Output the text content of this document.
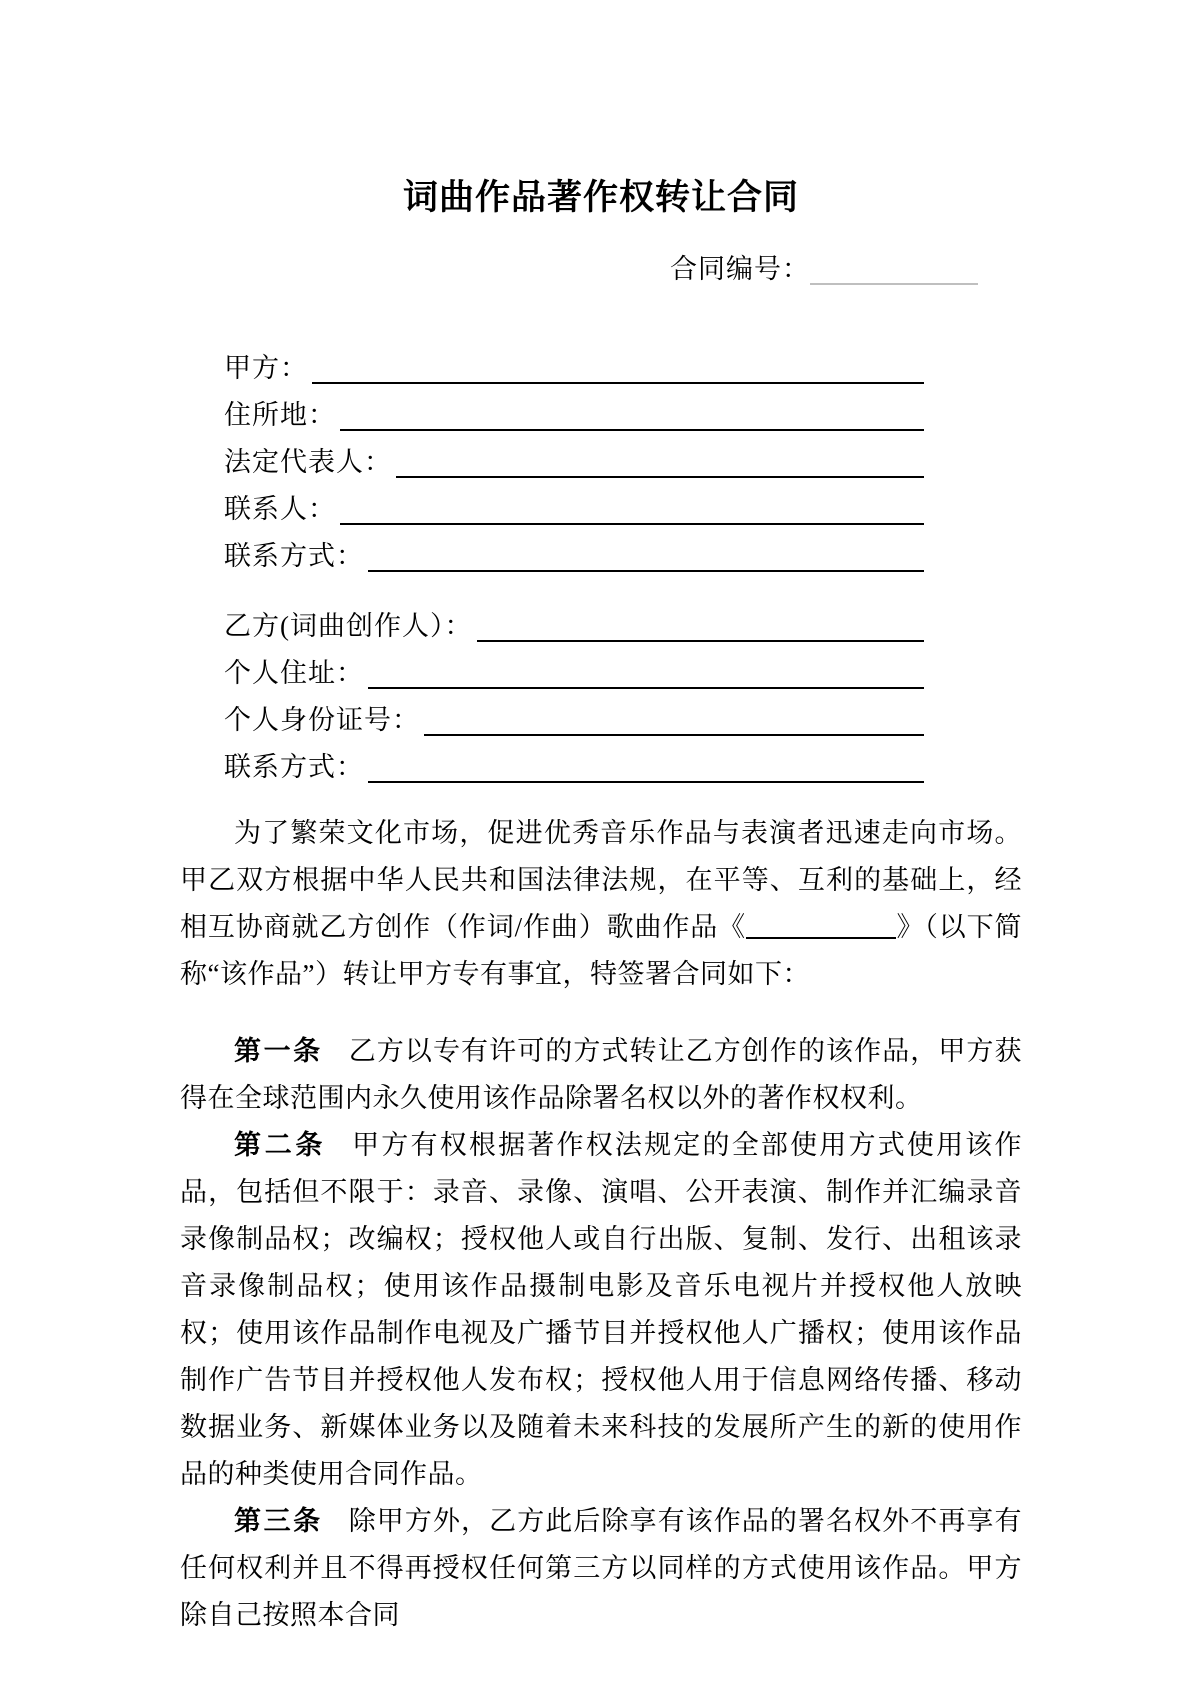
词曲作品著作权转让合同
合同编号：
甲方：
住所地：
法定代表人：
联系人：
联系方式：
乙方(词曲创作人）：
个人住址：
个人身份证号：
联系方式：

为了繁荣文化市场，促进优秀音乐作品与表演者迅速走向市场。甲乙双方根据中华人民共和国法律法规，在平等、互利的基础上，经相互协商就乙方创作（作词/作曲）歌曲作品《	》（以下简称“该作品”）转让甲方专有事宜，特签署合同如下：

第一条 乙方以专有许可的方式转让乙方创作的该作品，甲方获得在全球范围内永久使用该作品除署名权以外的著作权权利。

第二条 甲方有权根据著作权法规定的全部使用方式使用该作品，包括但不限于：录音、录像、演唱、公开表演、制作并汇编录音录像制品权；改编权；授权他人或自行出版、复制、发行、出租该录音录像制品权；使用该作品摄制电影及音乐电视片并授权他人放映权；使用该作品制作电视及广播节目并授权他人广播权；使用该作品制作广告节目并授权他人发布权；授权他人用于信息网络传播、移动数据业务、新媒体业务以及随着未来科技的发展所产生的新的使用作品的种类使用合同作品。

第三条 除甲方外，乙方此后除享有该作品的署名权外不再享有任何权利并且不得再授权任何第三方以同样的方式使用该作品。甲方除自己按照本合同
